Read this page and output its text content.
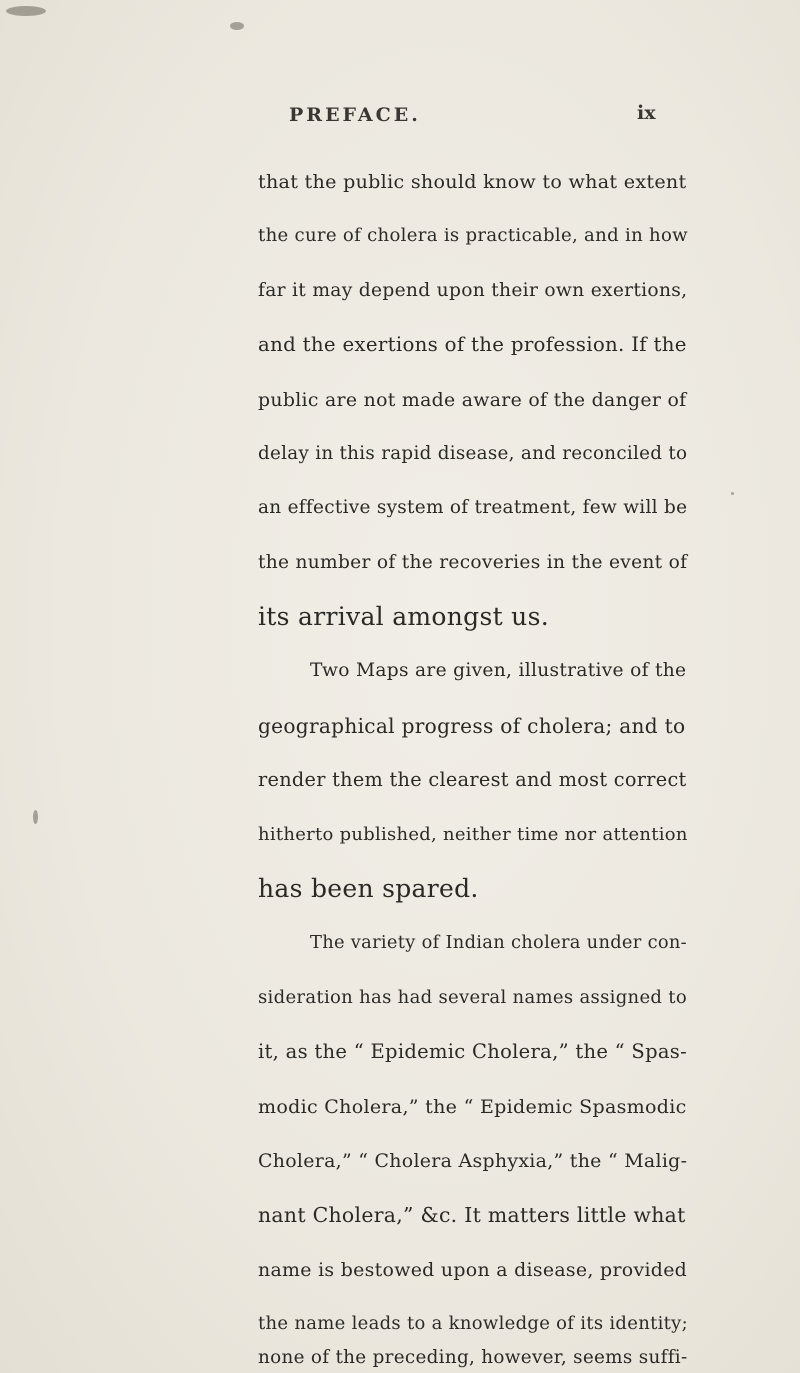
PREFACE.	ix
that the public should know to what extent
the cure of cholera is practicable, and in how
far it may depend upon their own exertions,
and the exertions of the profession. If the
public are not made aware of the danger of
delay in this rapid disease, and reconciled to
an effective system of treatment, few will be
the number of the recoveries in the event of
its arrival amongst us.
Two Maps are given, illustrative of the
geographical progress of cholera; and to
render them the clearest and most correct
hitherto published, neither time nor attention
has been spared.
The variety of Indian cholera under con-
sideration has had several names assigned to
it, as the “ Epidemic Cholera,” the “ Spas-
modic Cholera,” the “ Epidemic Spasmodic
Cholera,” “ Cholera Asphyxia,” the “ Malig-
nant Cholera,” &c. It matters little what
name is bestowed upon a disease, provided
the name leads to a knowledge of its identity;
none of the preceding, however, seems suffi-
